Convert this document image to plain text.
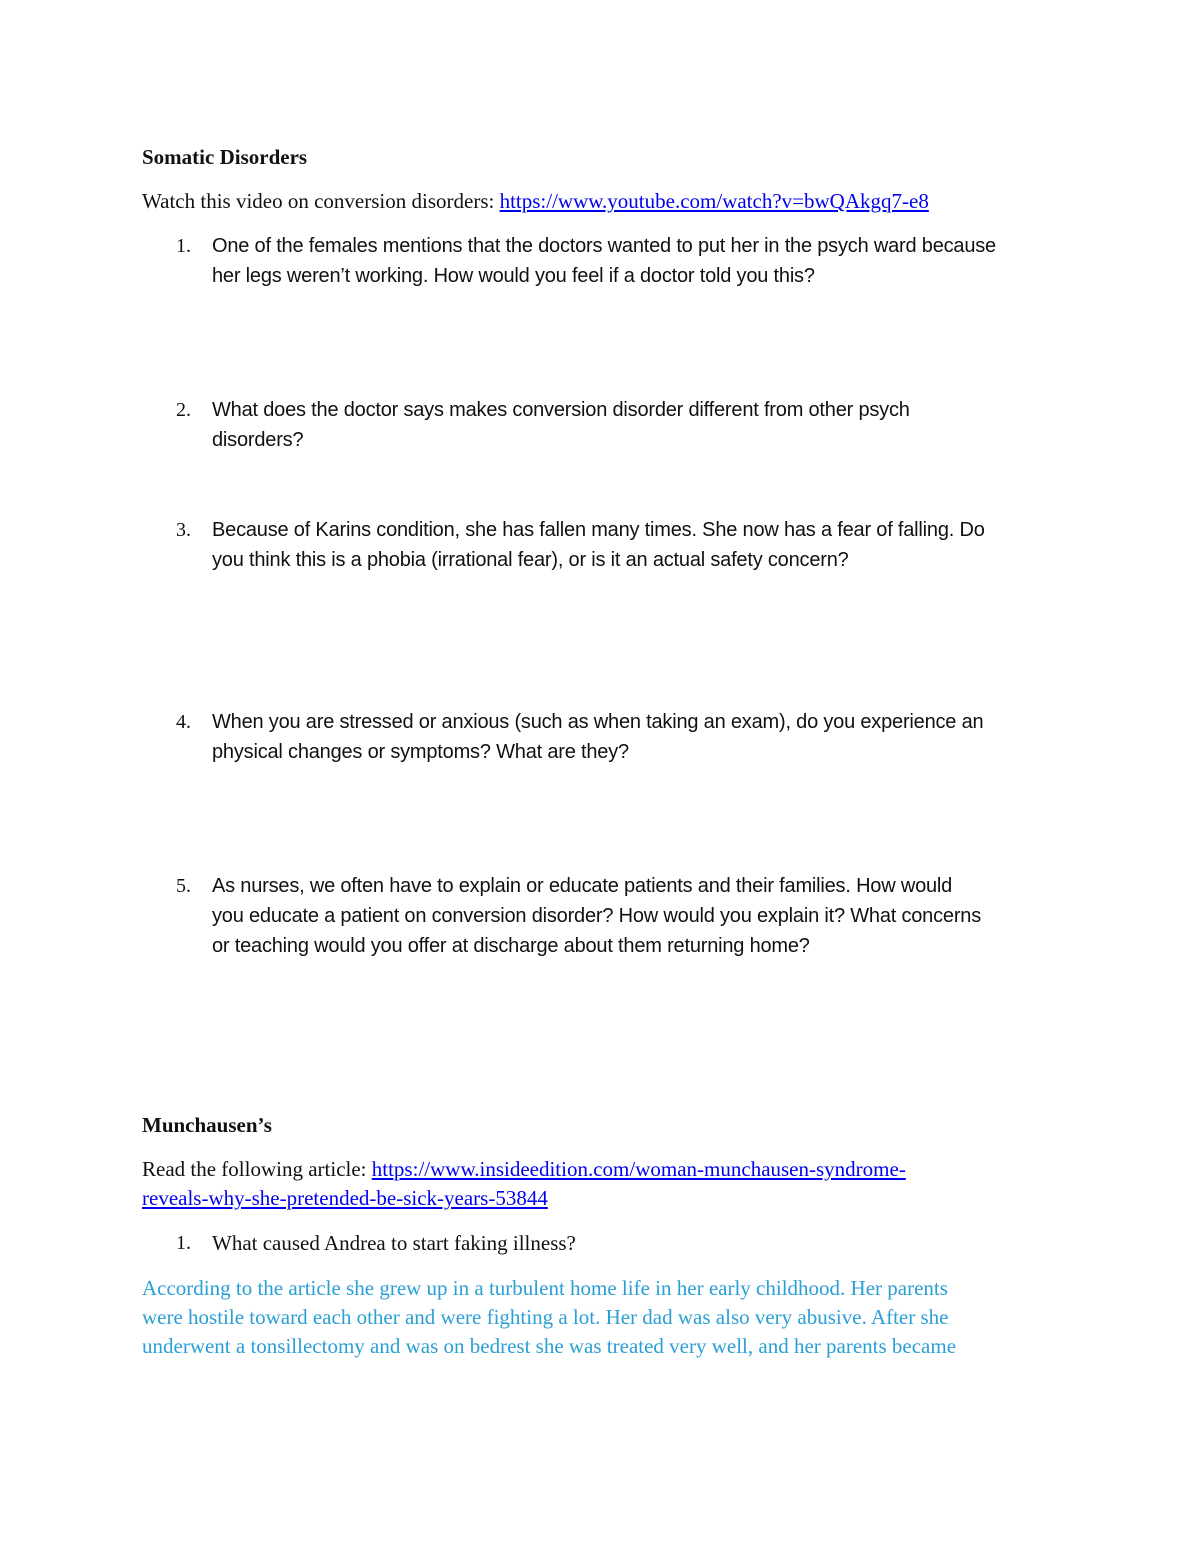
Somatic Disorders
Watch this video on conversion disorders: https://www.youtube.com/watch?v=bwQAkgq7-e8
1. One of the females mentions that the doctors wanted to put her in the psych ward because
her legs weren’t working. How would you feel if a doctor told you this?
2. What does the doctor says makes conversion disorder different from other psych
disorders?
3. Because of Karins condition, she has fallen many times. She now has a fear of falling. Do
you think this is a phobia (irrational fear), or is it an actual safety concern?
4. When you are stressed or anxious (such as when taking an exam), do you experience an
physical changes or symptoms? What are they?
5. As nurses, we often have to explain or educate patients and their families. How would
you educate a patient on conversion disorder? How would you explain it? What concerns
or teaching would you offer at discharge about them returning home?
Munchausen’s
Read the following article: https://www.insideedition.com/woman-munchausen-syndrome-
reveals-why-she-pretended-be-sick-years-53844
1. What caused Andrea to start faking illness?
According to the article she grew up in a turbulent home life in her early childhood. Her parents
were hostile toward each other and were fighting a lot. Her dad was also very abusive. After she
underwent a tonsillectomy and was on bedrest she was treated very well, and her parents became
